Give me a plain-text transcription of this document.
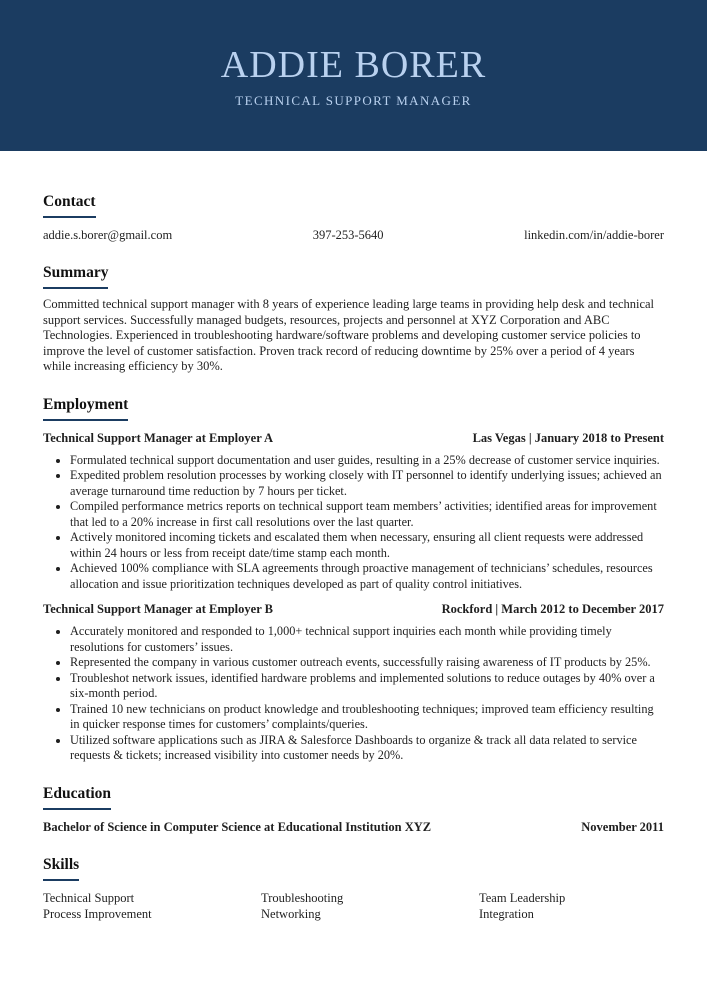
ADDIE BORER
TECHNICAL SUPPORT MANAGER
Contact
addie.s.borer@gmail.com	397-253-5640	linkedin.com/in/addie-borer
Summary
Committed technical support manager with 8 years of experience leading large teams in providing help desk and technical support services. Successfully managed budgets, resources, projects and personnel at XYZ Corporation and ABC Technologies. Experienced in troubleshooting hardware/software problems and developing customer service policies to improve the level of customer satisfaction. Proven track record of reducing downtime by 25% over a period of 4 years while increasing efficiency by 30%.
Employment
Technical Support Manager at Employer A	Las Vegas | January 2018 to Present
• Formulated technical support documentation and user guides, resulting in a 25% decrease of customer service inquiries.
• Expedited problem resolution processes by working closely with IT personnel to identify underlying issues; achieved an average turnaround time reduction by 7 hours per ticket.
• Compiled performance metrics reports on technical support team members’ activities; identified areas for improvement that led to a 20% increase in first call resolutions over the last quarter.
• Actively monitored incoming tickets and escalated them when necessary, ensuring all client requests were addressed within 24 hours or less from receipt date/time stamp each month.
• Achieved 100% compliance with SLA agreements through proactive management of technicians’ schedules, resources allocation and issue prioritization techniques developed as part of quality control initiatives.
Technical Support Manager at Employer B	Rockford | March 2012 to December 2017
• Accurately monitored and responded to 1,000+ technical support inquiries each month while providing timely resolutions for customers’ issues.
• Represented the company in various customer outreach events, successfully raising awareness of IT products by 25%.
• Troubleshot network issues, identified hardware problems and implemented solutions to reduce outages by 40% over a six-month period.
• Trained 10 new technicians on product knowledge and troubleshooting techniques; improved team efficiency resulting in quicker response times for customers’ complaints/queries.
• Utilized software applications such as JIRA & Salesforce Dashboards to organize & track all data related to service requests & tickets; increased visibility into customer needs by 20%.
Education
Bachelor of Science in Computer Science at Educational Institution XYZ	November 2011
Skills
Technical Support	Troubleshooting	Team Leadership
Process Improvement	Networking	Integration
